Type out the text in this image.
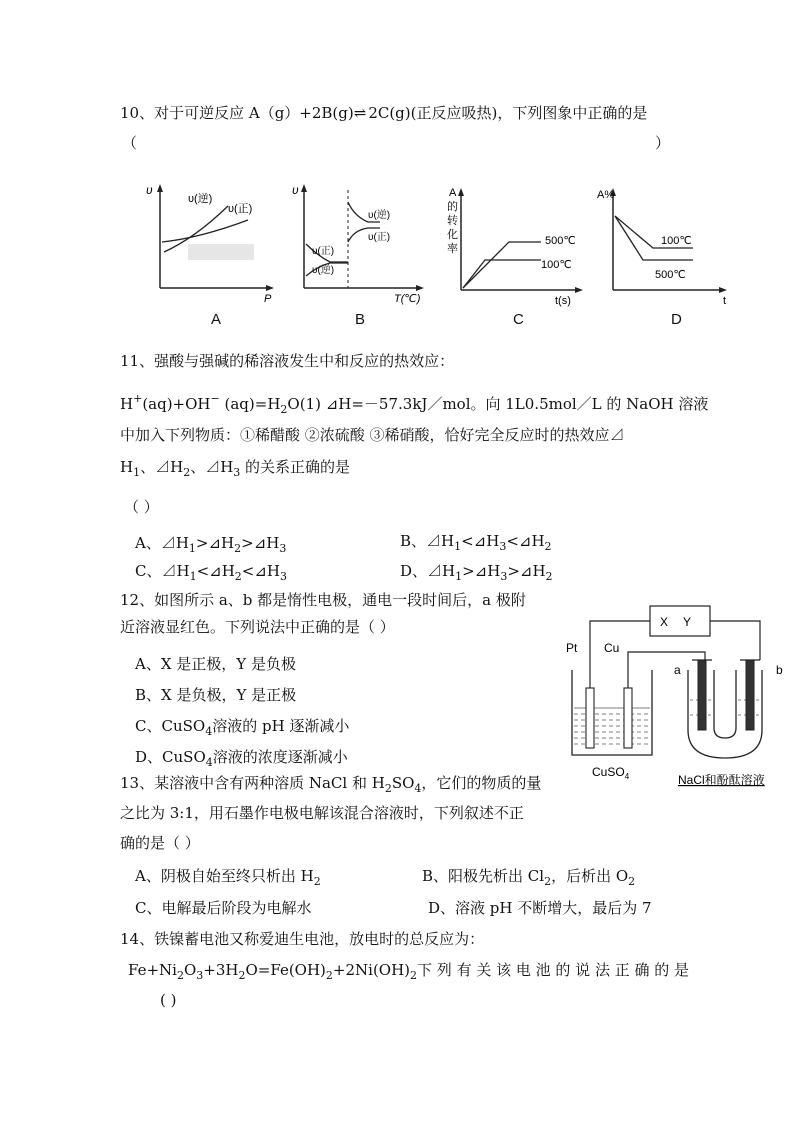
10、对于可逆反应 A（g）+2B(g)⇌2C(g)(正反应吸热)，下列图象中正确的是
（	）
υ
P
υ(逆)
υ(正)
A
υ
T(℃)
υ(正)
υ(逆)
υ(逆)
υ(正)
B
A
的
转
化
率
t(s)
500℃
100℃
C
A%
t
100℃
500℃
D
11、强酸与强碱的稀溶液发生中和反应的热效应：
H+(aq)+OH− $(aq)=H_2O(1)$ ⊿H=－57.3kJ／mol。向 1L0.5mol／L 的 NaOH 溶液
中加入下列物质：①稀醋酸 ②浓硫酸 ③稀硝酸，恰好完全反应时的热效应⊿
$H_1$、$⊿H_2$、$⊿H_3$ 的关系正确的是
（ ）
A、$⊿H_1>⊿H_2>⊿H_3$	B、$⊿H_1<⊿H_3<⊿H_2$
C、$⊿H_1<⊿H_2<⊿H_3$	D、$⊿H_1>⊿H_3>⊿H_2$
12、如图所示 a、b 都是惰性电极，通电一段时间后，a 极附
近溶液显红色。下列说法中正确的是（ ）
A、X 是正极，Y 是负极
B、X 是负极，Y 是正极
C、CuSO$_4$溶液的 pH 逐渐减小
D、CuSO$_4$溶液的浓度逐渐减小
X Y
Pt Cu
CuSO$_4$
a	b
NaCl和酚酞溶液
13、某溶液中含有两种溶质 NaCl 和 $H_2SO_4$，它们的物质的量
之比为 3:1，用石墨作电极电解该混合溶液时，下列叙述不正
确的是（ ）
A、阴极自始至终只析出 $H_2$	B、阳极先析出 $Cl_2$，后析出 $O_2$
C、电解最后阶段为电解水	D、溶液 pH 不断增大，最后为 7
14、铁镍蓄电池又称爱迪生电池，放电时的总反应为：
$Fe+Ni_2O_3+3H_2O=Fe(OH)_2+2Ni(OH)_2$下 列 有 关 该 电 池 的 说 法 正 确 的 是
( )
